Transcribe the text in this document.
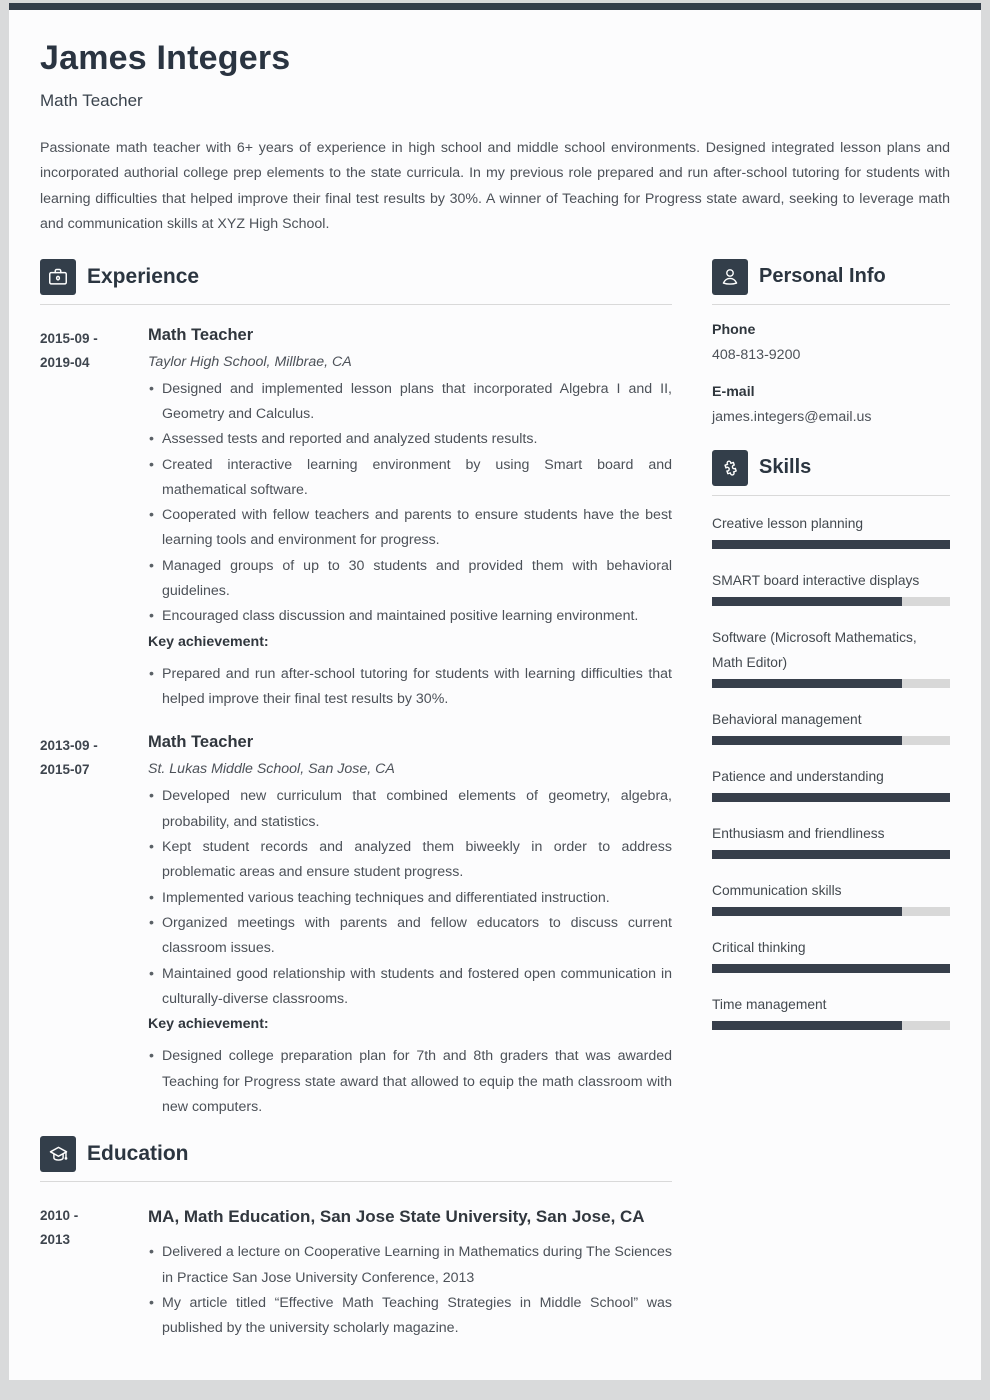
James Integers
Math Teacher

Passionate math teacher with 6+ years of experience in high school and middle school environments. Designed integrated lesson plans and incorporated authorial college prep elements to the state curricula. In my previous role prepared and run after-school tutoring for students with learning difficulties that helped improve their final test results by 30%. A winner of Teaching for Progress state award, seeking to leverage math and communication skills at XYZ High School.

Experience
2015-09 -
2019-04
Math Teacher
Taylor High School, Millbrae, CA
• Designed and implemented lesson plans that incorporated Algebra I and II, Geometry and Calculus.
• Assessed tests and reported and analyzed students results.
• Created interactive learning environment by using Smart board and mathematical software.
• Cooperated with fellow teachers and parents to ensure students have the best learning tools and environment for progress.
• Managed groups of up to 30 students and provided them with behavioral guidelines.
• Encouraged class discussion and maintained positive learning environment.
Key achievement:
• Prepared and run after-school tutoring for students with learning difficulties that helped improve their final test results by 30%.
2013-09 -
2015-07
Math Teacher
St. Lukas Middle School, San Jose, CA
• Developed new curriculum that combined elements of geometry, algebra, probability, and statistics.
• Kept student records and analyzed them biweekly in order to address problematic areas and ensure student progress.
• Implemented various teaching techniques and differentiated instruction.
• Organized meetings with parents and fellow educators to discuss current classroom issues.
• Maintained good relationship with students and fostered open communication in culturally-diverse classrooms.
Key achievement:
• Designed college preparation plan for 7th and 8th graders that was awarded Teaching for Progress state award that allowed to equip the math classroom with new computers.
Education
2010 -
2013
MA, Math Education, San Jose State University, San Jose, CA
• Delivered a lecture on Cooperative Learning in Mathematics during The Sciences in Practice San Jose University Conference, 2013
• My article titled “Effective Math Teaching Strategies in Middle School” was published by the university scholarly magazine.
Personal Info
Phone
408-813-9200
E-mail
james.integers@email.us
Skills
Creative lesson planning
SMART board interactive displays
Software (Microsoft Mathematics, Math Editor)
Behavioral management
Patience and understanding
Enthusiasm and friendliness
Communication skills
Critical thinking
Time management
